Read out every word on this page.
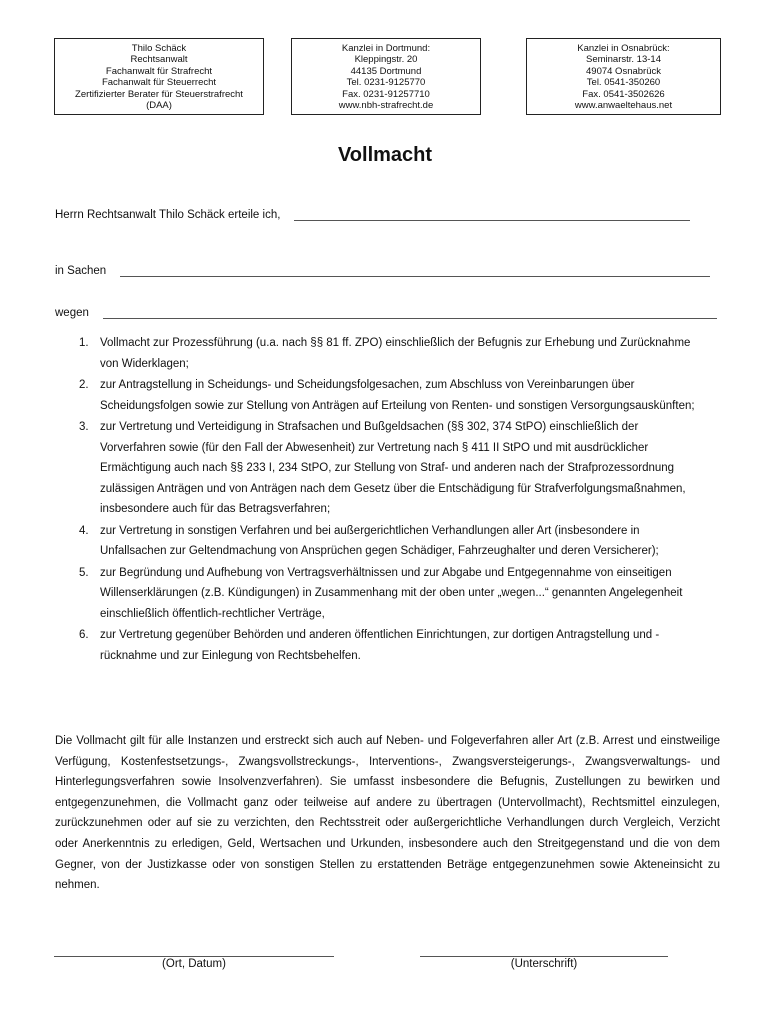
Thilo Schäck
Rechtsanwalt
Fachanwalt für Strafrecht
Fachanwalt für Steuerrecht
Zertifizierter Berater für Steuerstrafrecht
(DAA)
Kanzlei in Dortmund:
Kleppingstr. 20
44135 Dortmund
Tel. 0231-9125770
Fax. 0231-91257710
www.nbh-strafrecht.de
Kanzlei in Osnabrück:
Seminarstr. 13-14
49074 Osnabrück
Tel. 0541-350260
Fax. 0541-3502626
www.anwaeltehaus.net
Vollmacht
Herrn Rechtsanwalt Thilo Schäck erteile ich,
in Sachen
wegen
1. Vollmacht zur Prozessführung (u.a. nach §§ 81 ff. ZPO) einschließlich der Befugnis zur Erhebung und Zurücknahme von Widerklagen;
2. zur Antragstellung in Scheidungs- und Scheidungsfolgesachen, zum Abschluss von Vereinbarungen über Scheidungsfolgen sowie zur Stellung von Anträgen auf Erteilung von Renten- und sonstigen Versorgungsauskünften;
3. zur Vertretung und Verteidigung in Strafsachen und Bußgeldsachen (§§ 302, 374 StPO) einschließlich der Vorverfahren sowie (für den Fall der Abwesenheit) zur Vertretung nach § 411 II StPO und mit ausdrücklicher Ermächtigung auch nach §§ 233 I, 234 StPO, zur Stellung von Straf- und anderen nach der Strafprozessordnung zulässigen Anträgen und von Anträgen nach dem Gesetz über die Entschädigung für Strafverfolgungsmaßnahmen, insbesondere auch für das Betragsverfahren;
4. zur Vertretung in sonstigen Verfahren und bei außergerichtlichen Verhandlungen aller Art (insbesondere in Unfallsachen zur Geltendmachung von Ansprüchen gegen Schädiger, Fahrzeughalter und deren Versicherer);
5. zur Begründung und Aufhebung von Vertragsverhältnissen und zur Abgabe und Entgegennahme von einseitigen Willenserklärungen (z.B. Kündigungen) in Zusammenhang mit der oben unter „wegen...“ genannten Angelegenheit einschließlich öffentlich-rechtlicher Verträge,
6. zur Vertretung gegenüber Behörden und anderen öffentlichen Einrichtungen, zur dortigen Antragstellung und -rücknahme und zur Einlegung von Rechtsbehelfen.

Die Vollmacht gilt für alle Instanzen und erstreckt sich auch auf Neben- und Folgeverfahren aller Art (z.B. Arrest und einstweilige Verfügung, Kostenfestsetzungs-, Zwangsvollstreckungs-, Interventions-, Zwangsversteigerungs-, Zwangsverwaltungs- und Hinterlegungsverfahren sowie Insolvenzverfahren). Sie umfasst insbesondere die Befugnis, Zustellungen zu bewirken und entgegenzunehmen, die Vollmacht ganz oder teilweise auf andere zu übertragen (Untervollmacht), Rechtsmittel einzulegen, zurückzunehmen oder auf sie zu verzichten, den Rechtsstreit oder außergerichtliche Verhandlungen durch Vergleich, Verzicht oder Anerkenntnis zu erledigen, Geld, Wertsachen und Urkunden, insbesondere auch den Streitgegenstand und die von dem Gegner, von der Justizkasse oder von sonstigen Stellen zu erstattenden Beträge entgegenzunehmen sowie Akteneinsicht zu nehmen.

(Ort, Datum)	(Unterschrift)
